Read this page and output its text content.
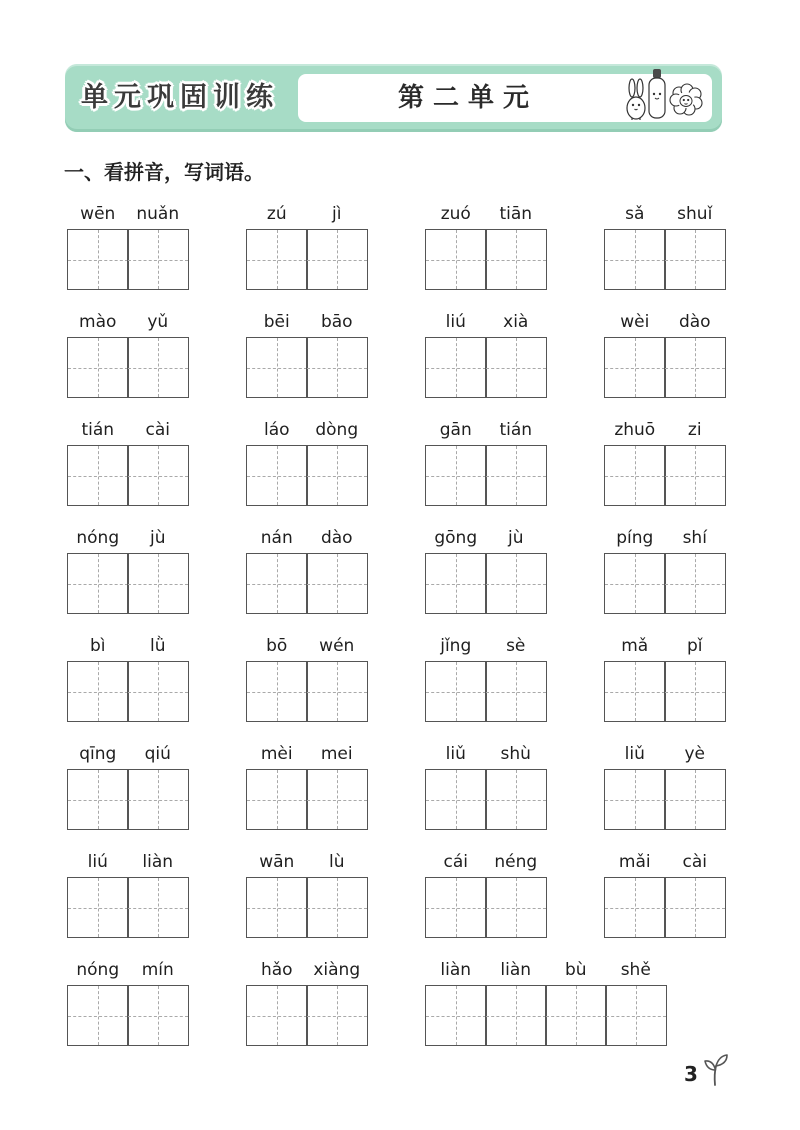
单元巩固训练	第二单元
一、看拼音，写词语。
wēn nuǎn	zú	jì	zuó tiān	sǎ shuǐ
mào yǔ	bēi bāo	liú xià	wèi dào
tián cài	láo dòng	gān tián	zhuō zi
nóng jù	nán dào	gōng jù	píng shí
bì	lǜ	bō wén	jǐng sè	mǎ pǐ
qīng qiú	mèi mei	liǔ shù	liǔ yè
liú liàn	wān lù	cái néng	mǎi cài
nóng mín	hǎo xiàng	liàn liàn bù shě
3
